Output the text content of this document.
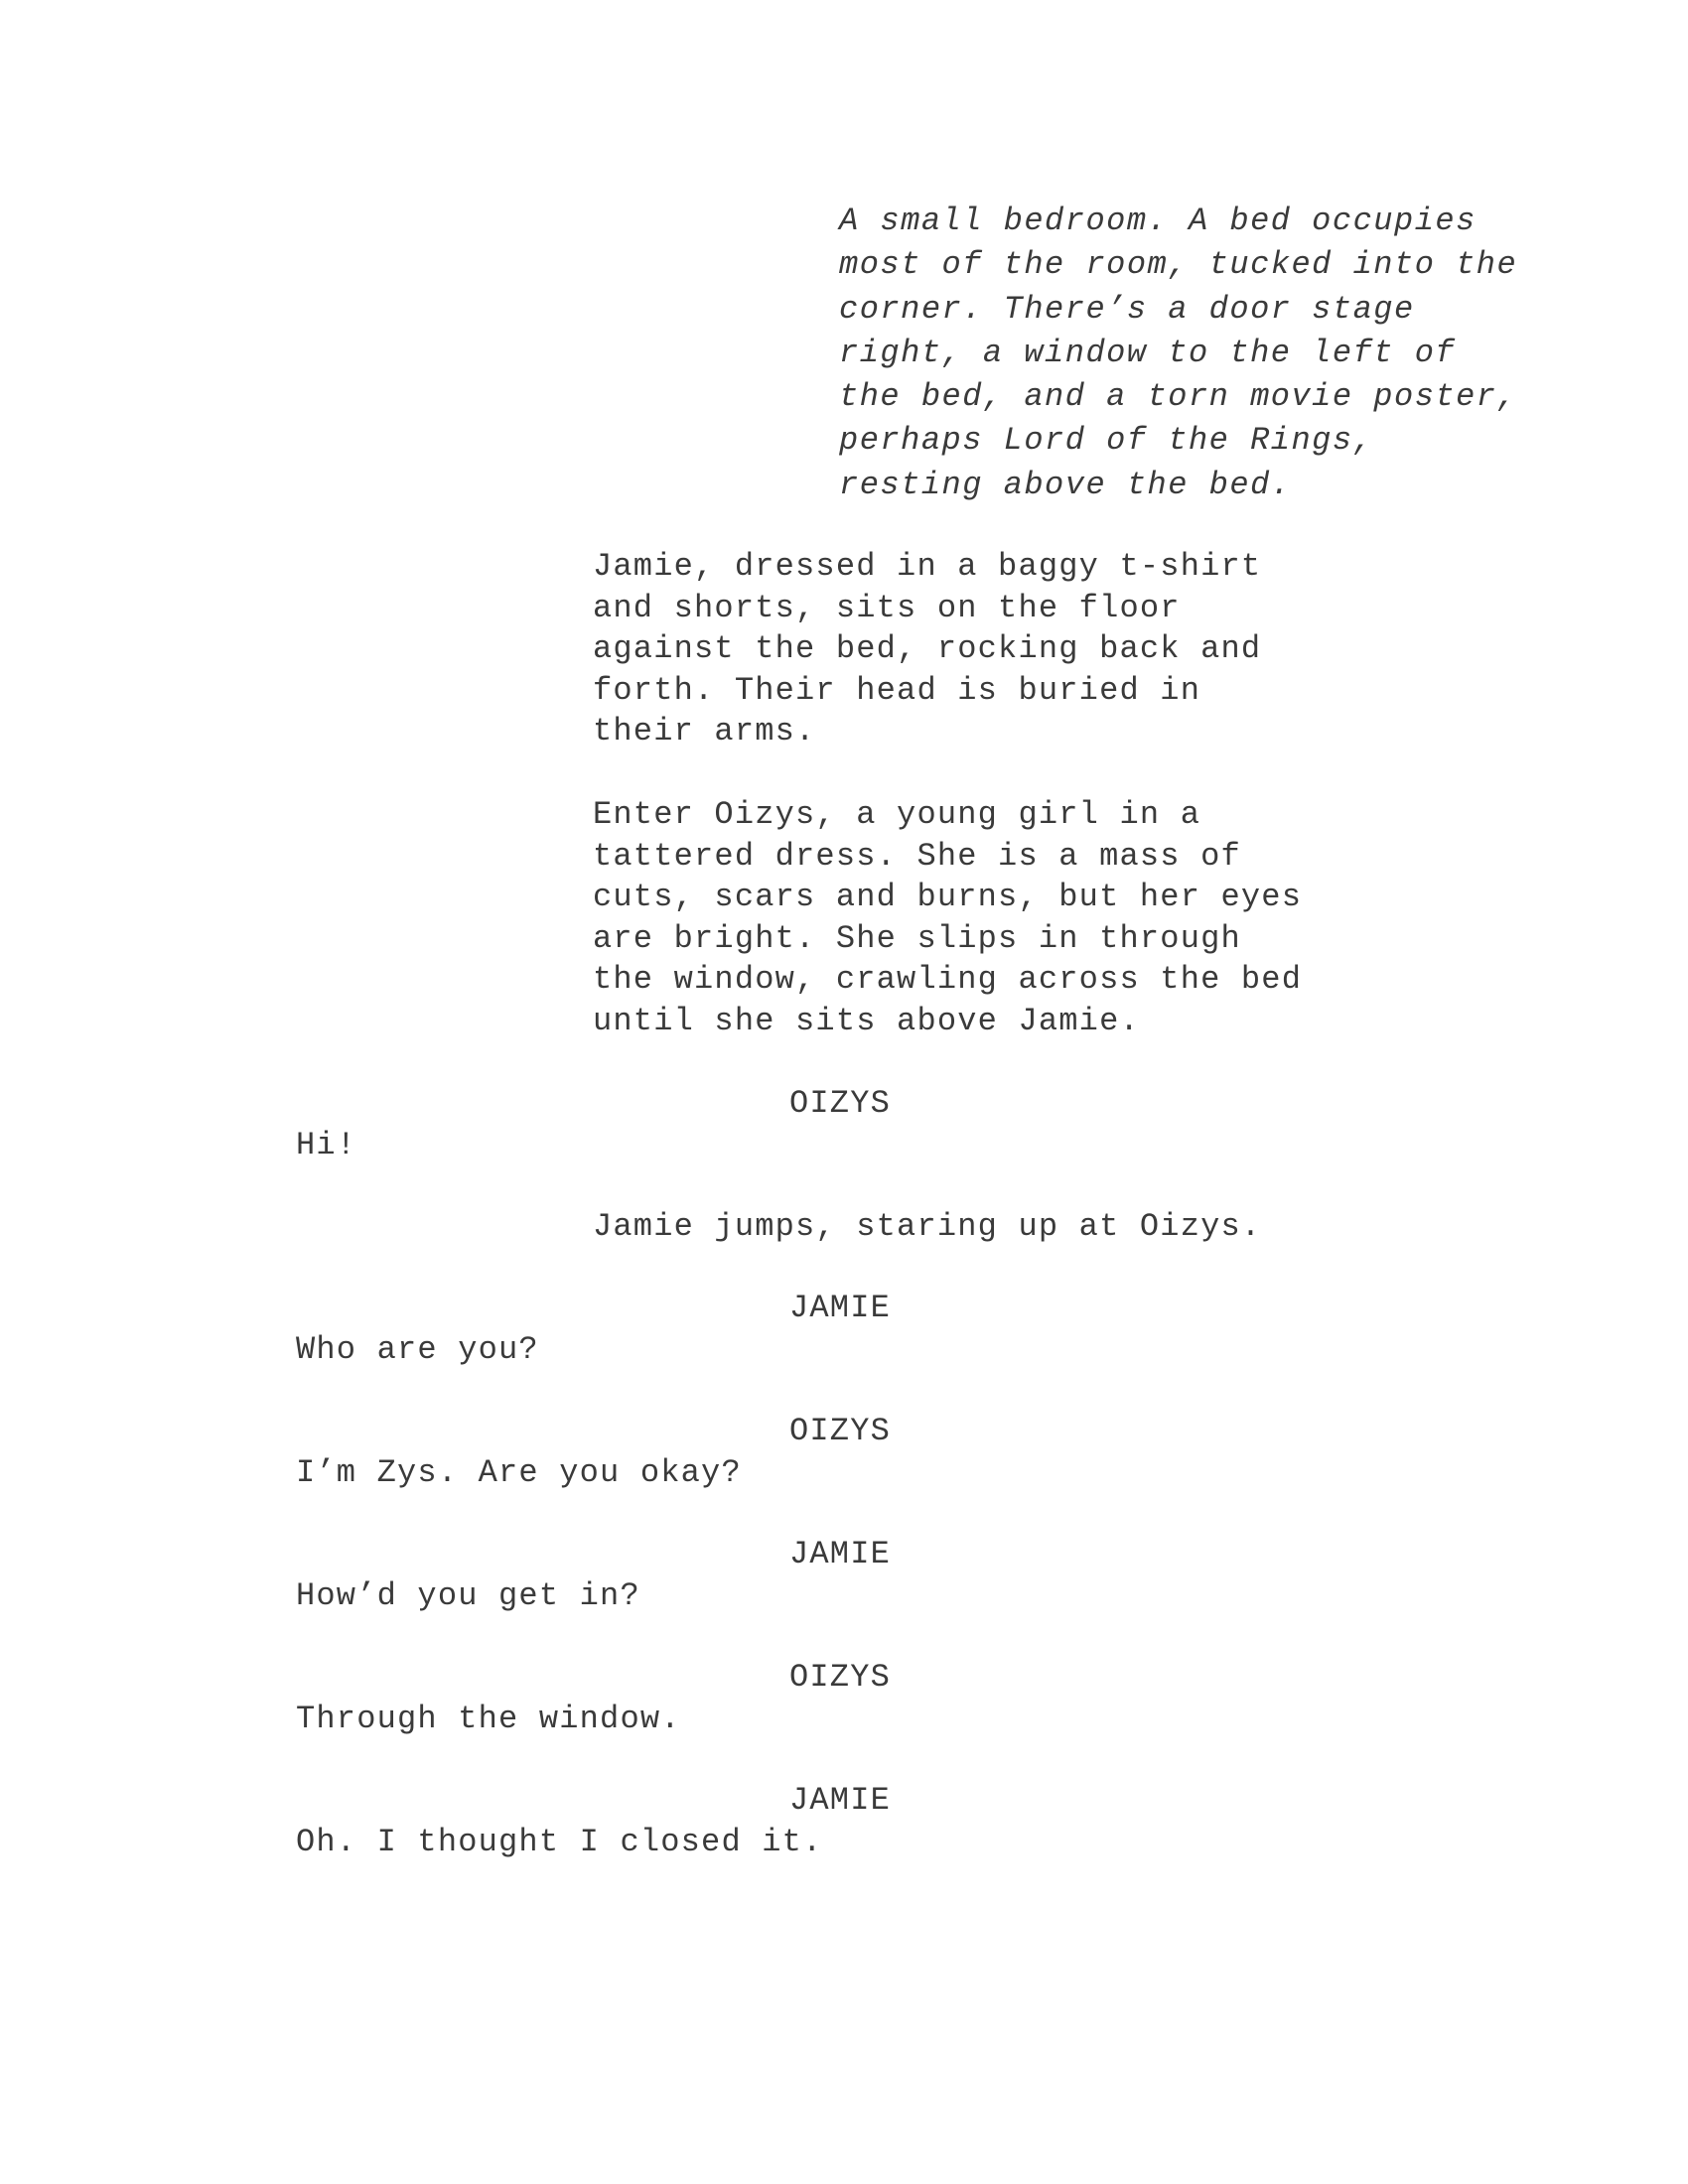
A small bedroom. A bed occupies
most of the room, tucked into the
corner. There’s a door stage
right, a window to the left of
the bed, and a torn movie poster,
perhaps Lord of the Rings,
resting above the bed.
Jamie, dressed in a baggy t-shirt
and shorts, sits on the floor
against the bed, rocking back and
forth. Their head is buried in
their arms.
Enter Oizys, a young girl in a
tattered dress. She is a mass of
cuts, scars and burns, but her eyes
are bright. She slips in through
the window, crawling across the bed
until she sits above Jamie.
OIZYS
Hi!
Jamie jumps, staring up at Oizys.
JAMIE
Who are you?
OIZYS
I’m Zys. Are you okay?
JAMIE
How’d you get in?
OIZYS
Through the window.
JAMIE
Oh. I thought I closed it.
